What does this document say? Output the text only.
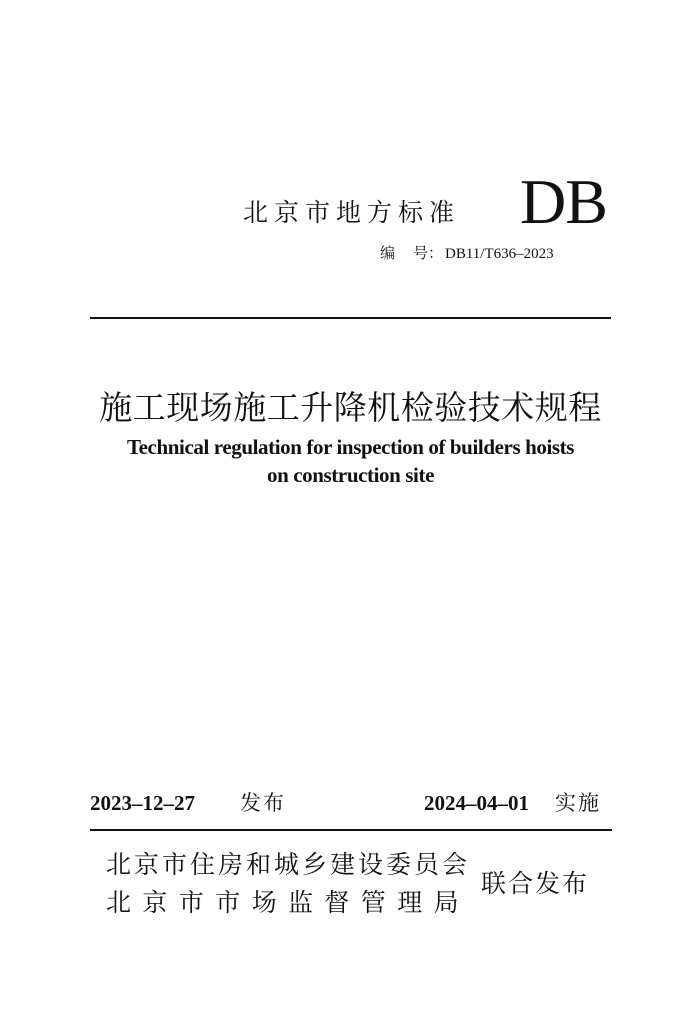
北京市地方标准 DB
编 号： DB11/T636–2023
施工现场施工升降机检验技术规程
Technical regulation for inspection of builders hoists
on construction site
2023–12–27 发布	2024–04–01 实施
北京市住房和城乡建设委员会
北京市市场监督管理局
联合发布
